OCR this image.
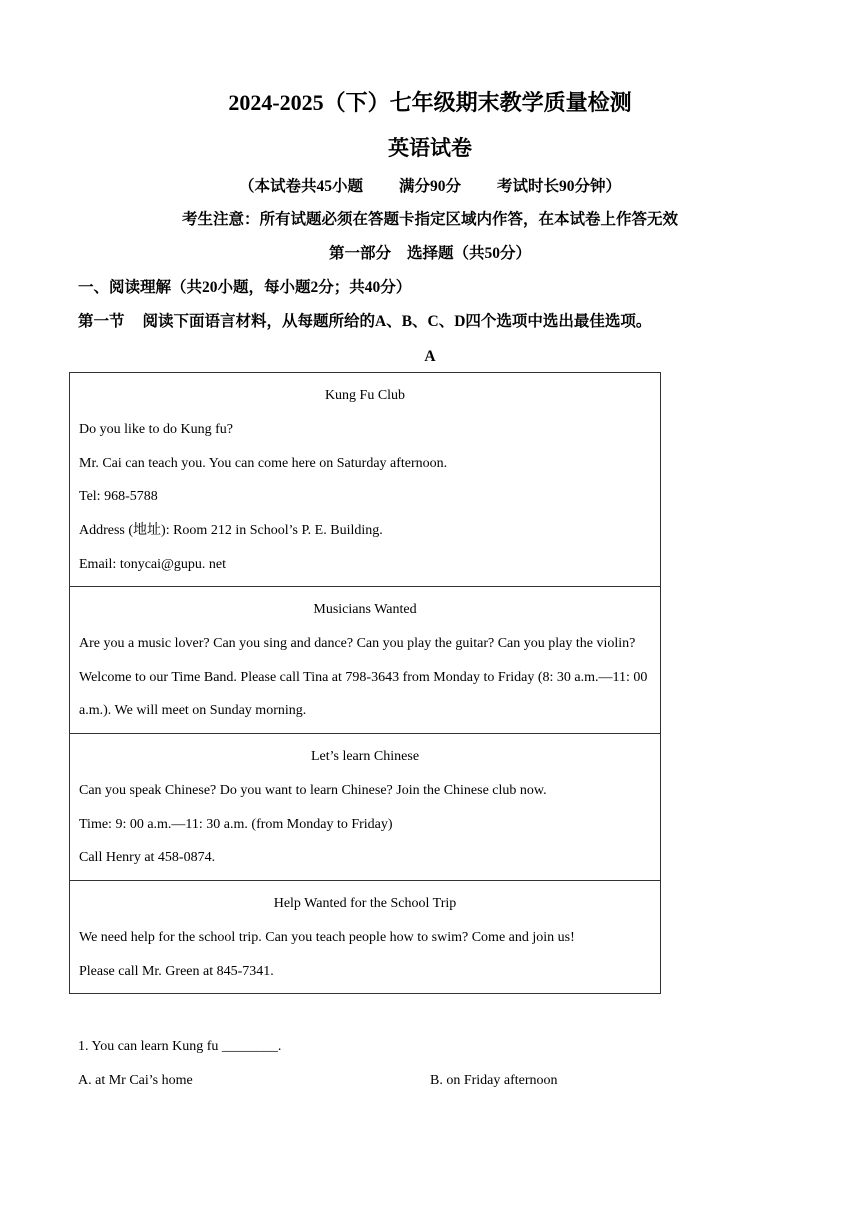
2024-2025（下）七年级期末教学质量检测
英语试卷
（本试卷共45小题 满分90分 考试时长90分钟）
考生注意：所有试题必须在答题卡指定区域内作答，在本试卷上作答无效
第一部分 选择题（共50分）
一、阅读理解（共20小题，每小题2分；共40分）
第一节 阅读下面语言材料，从每题所给的A、B、C、D四个选项中选出最佳选项。
A
Kung Fu Club
Do you like to do Kung fu?
Mr. Cai can teach you. You can come here on Saturday afternoon.
Tel: 968-5788
Address (地址): Room 212 in School’s P. E. Building.
Email: tonycai@gupu. net
Musicians Wanted
Are you a music lover? Can you sing and dance? Can you play the guitar? Can you play the violin? Welcome to our Time Band. Please call Tina at 798-3643 from Monday to Friday (8: 30 a.m.—11: 00 a.m.). We will meet on Sunday morning.
Let’s learn Chinese
Can you speak Chinese? Do you want to learn Chinese? Join the Chinese club now.
Time: 9: 00 a.m.—11: 30 a.m. (from Monday to Friday)
Call Henry at 458-0874.
Help Wanted for the School Trip
We need help for the school trip. Can you teach people how to swim? Come and join us!
Please call Mr. Green at 845-7341.
1. You can learn Kung fu ________.
A. at Mr Cai’s home	B. on Friday afternoon
